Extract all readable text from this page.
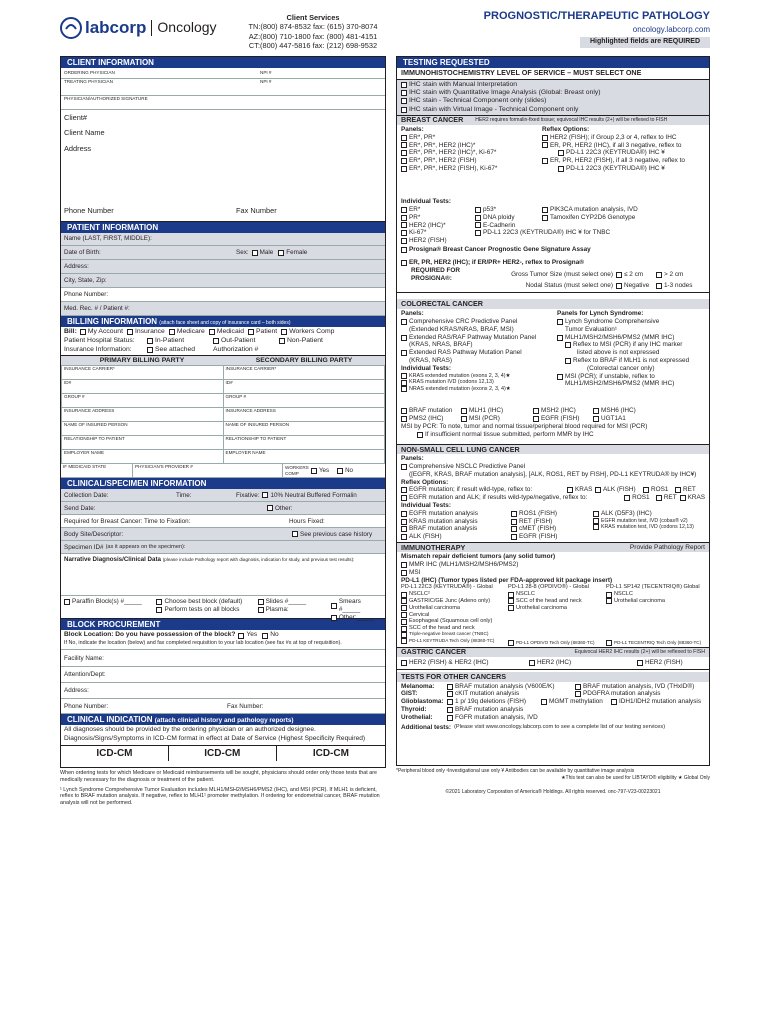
labcorp Oncology
Client Services
TN:(800) 874-8532 fax: (615) 370-8074
AZ:(800) 710-1800 fax: (800) 481-4151
CT:(800) 447-5816 fax: (212) 698-9532
PROGNOSTIC/THERAPEUTIC PATHOLOGY
oncology.labcorp.com
Highlighted fields are REQUIRED
CLIENT INFORMATION
ORDERING PHYSICIAN	NPI #
TREATING PHYSICIAN	NPI #
PHYSICIAN/AUTHORIZED SIGNATURE
Client#
Client Name
Address
Phone Number	Fax Number
PATIENT INFORMATION
Name (LAST, FIRST, MIDDLE):
Date of Birth:	Sex: Male Female
Address:
City, State, Zip:
Phone Number:
Med. Rec. # / Patient #:
BILLING INFORMATION (attach face sheet and copy of insurance card – both sides)
Bill: My Account Insurance Medicare Medicaid Patient Workers Comp
Patient Hospital Status:	In-Patient	Out-Patient	Non-Patient
Insurance Information:	See attached	Authorization #
PRIMARY BILLING PARTY	SECONDARY BILLING PARTY
INSURANCE CARRIER*	INSURANCE CARRIER*
ID#	ID#
GROUP #	GROUP #
INSURANCE ADDRESS	INSURANCE ADDRESS
NAME OF INSURED PERSON	NAME OF INSURED PERSON
RELATIONSHIP TO PATIENT	RELATIONSHIP TO PATIENT
EMPLOYER NAME	EMPLOYER NAME
IF MEDICAID STATE	PHYSICIAN'S PROVIDER #	WORKERS COMP	Yes	No
CLINICAL/SPECIMEN INFORMATION
Collection Date:	Time:	Fixative: 10% Neutral Buffered Formalin
Send Date:	Other:
Required for Breast Cancer: Time to Fixation:	Hours Fixed:
Body Site/Descriptor:	See previous case history
Specimen ID# (as it appears on the specimen):
Narrative Diagnosis/Clinical Data (please include Pathology report with diagnosis, indication for study, and previous test results):
Paraffin Block(s) #_____	Choose best block (default)
Perform tests on all blocks
Slides #_____
Plasma:
Smears #_____
Other:_____
BLOCK PROCUREMENT
Block Location: Do you have possession of the block? Yes No
If No, indicate the location (below) and fax completed requisition to your lab location (see fax #s at top of requisition).
Facility Name:
Attention/Dept:
Address:
Phone Number:	Fax Number:
CLINICAL INDICATION (attach clinical history and pathology reports)
All diagnoses should be provided by the ordering physician or an authorized designee.
Diagnosis/Signs/Symptoms in ICD-CM format in effect at Date of Service (Highest Specificity Required)
ICD-CM	ICD-CM	ICD-CM
When ordering tests for which Medicare or Medicaid reimbursements will be sought, physicians should order only those tests that are medically necessary for the diagnosis or treatment of the patient.
¹ Lynch Syndrome Comprehensive Tumor Evaluation includes MLH1/MSH2/MSH6/PMS2 (IHC), and MSI (PCR). If MLH1 is deficient, reflex to BRAF mutation analysis. If negative, reflex to MLH1¹ promoter methylation. If ordering for endometrial cancer, BRAF mutation analysis will not be performed.
TESTING REQUESTED
IMMUNOHISTOCHEMISTRY LEVEL OF SERVICE – MUST SELECT ONE
IHC stain with Manual Interpretation
IHC stain with Quantitative Image Analysis (Global: Breast only)
IHC stain - Technical Component only (slides)
IHC stain with Virtual Image - Technical Component only
BREAST CANCER HER2 requires formalin-fixed tissue; equivocal IHC results (2+) will be reflexed to FISH
Panels:
ER*, PR*
ER*, PR*, HER2 (IHC)*
ER*, PR*, HER2 (IHC)*, Ki-67*
ER*, PR*, HER2 (FISH)
ER*, PR*, HER2 (FISH), Ki-67*
Reflex Options:
HER2 (FISH); if Group 2,3 or 4, reflex to IHC
ER, PR, HER2 (IHC), if all 3 negative, reflex to
PD-L1 22C3 (KEYTRUDA®) IHC ¥
ER, PR, HER2 (FISH), if all 3 negative, reflex to
PD-L1 22C3 (KEYTRUDA®) IHC ¥
Individual Tests:
ER*
PR*
HER2 (IHC)*
Ki-67*
HER2 (FISH)
p53*
DNA ploidy
E-Cadherin
PD-L1 22C3 (KEYTRUDA®) IHC ¥ for TNBC
PIK3CA mutation analysis, IVD
Tamoxifen CYP2D6 Genotype
Prosigna® Breast Cancer Prognostic Gene Signature Assay
ER, PR, HER2 (IHC); if ER/PR+ HER2-, reflex to Prosigna®
REQUIRED FOR PROSIGNA®:
Gross Tumor Size (must select one) ≤ 2 cm	> 2 cm
Nodal Status (must select one) Negative	1-3 nodes
COLORECTAL CANCER
Panels:
Comprehensive CRC Predictive Panel
(Extended KRAS/NRAS, BRAF, MSI)
Extended RAS/RAF Pathway Mutation Panel
(KRAS, NRAS, BRAF)
Extended RAS Pathway Mutation Panel
(KRAS, NRAS)
Individual Tests:
KRAS extended mutation (exons 2, 3, 4)★
KRAS mutation IVD (codons 12,13)
NRAS extended mutation (exons 2, 3, 4)★
BRAF mutation	MLH1 (IHC)	MSH2 (IHC)	MSH6 (IHC)
PMS2 (IHC)	MSI (PCR)	EGFR (FISH)	UGT1A1
MSI by PCR: To note, tumor and normal tissue/peripheral blood required for MSI (PCR)
If insufficient normal tissue submitted, perform MMR by IHC
Panels for Lynch Syndrome:
Lynch Syndrome Comprehensive
Tumor Evaluation¹
MLH1/MSH2/MSH6/PMS2 (MMR IHC)
Reflex to MSI (PCR) if any IHC marker
listed above is not expressed
Reflex to BRAF if MLH1 is not expressed
(Colorectal cancer only)
MSI (PCR); if unstable, reflex to
MLH1/MSH2/MSH6/PMS2 (MMR IHC)
NON-SMALL CELL LUNG CANCER
Panels:
Comprehensive NSCLC Predictive Panel
([EGFR, KRAS, BRAF mutation analysis], [ALK, ROS1, RET by FISH], PD-L1 KEYTRUDA® by IHC¥)
Reflex Options:
EGFR mutation; if result wild-type, reflex to:	KRAS	ALK (FISH)	ROS1	RET
EGFR mutation and ALK; if results wild-type/negative, reflex to:	ROS1	RET	KRAS
Individual Tests:
EGFR mutation analysis
KRAS mutation analysis
BRAF mutation analysis
ALK (FISH)
ROS1 (FISH)
RET (FISH)
cMET (FISH)
EGFR (FISH)
ALK (D5F3) (IHC)
EGFR mutation test, IVD (cobas® v2)
KRAS mutation test, IVD (codons 12,13)
IMMUNOTHERAPY	Provide Pathology Report
Mismatch repair deficient tumors (any solid tumor)
MMR IHC (MLH1/MSH2/MSH6/PMS2)
MSI
PD-L1 (IHC) (Tumor types listed per FDA-approved kit package insert)
PD-L1 22C3 (KEYTRUDA®) - Global
NSCLC²
GASTRIC/GE Junc (Adeno only)
Urothelial carcinoma
Cervical
Esophageal (Squamous cell only)
SCC of the head and neck
Triple-negative breast cancer (TNBC)
PD-L1 KEYTRUDA Tech Only (88360-TC)
PD-L1 28-8 (OPDIVO®) - Global
NSCLC
SCC of the head and neck
Urothelial carcinoma
PD-L1 OPDIVO Tech Only (88360-TC)
PD-L1 SP142 (TECENTRIQ®) Global
NSCLC
Urothelial carcinoma
PD-L1 TECENTRIQ Tech Only (88360-TC)
GASTRIC CANCER	Equivocal HER2 IHC results (2+) will be reflexed to FISH
HER2 (FISH) & HER2 (IHC)	HER2 (IHC)	HER2 (FISH)
TESTS FOR OTHER CANCERS
Melanoma:	BRAF mutation analysis (V600E/K)	BRAF mutation analysis, IVD (THxID®)
GIST:	cKIT mutation analysis	PDGFRA mutation analysis
Glioblastoma:	1 p/ 19q deletions (FISH)	MGMT methylation	IDH1/IDH2 mutation analysis
Thyroid:	BRAF mutation analysis
Urothelial:	FGFR mutation analysis, IVD
Additional tests: (Please visit www.oncology.labcorp.com to see a complete list of our testing services)
*Peripheral blood only ¹Investigational use only ¥ Antibodies can be available by quantitative image analysis
★This test can also be used for LIBTAYO® eligibility ★ Global Only
©2021 Laboratory Corporation of America® Holdings. All rights reserved. onc-797-V23-00223021
